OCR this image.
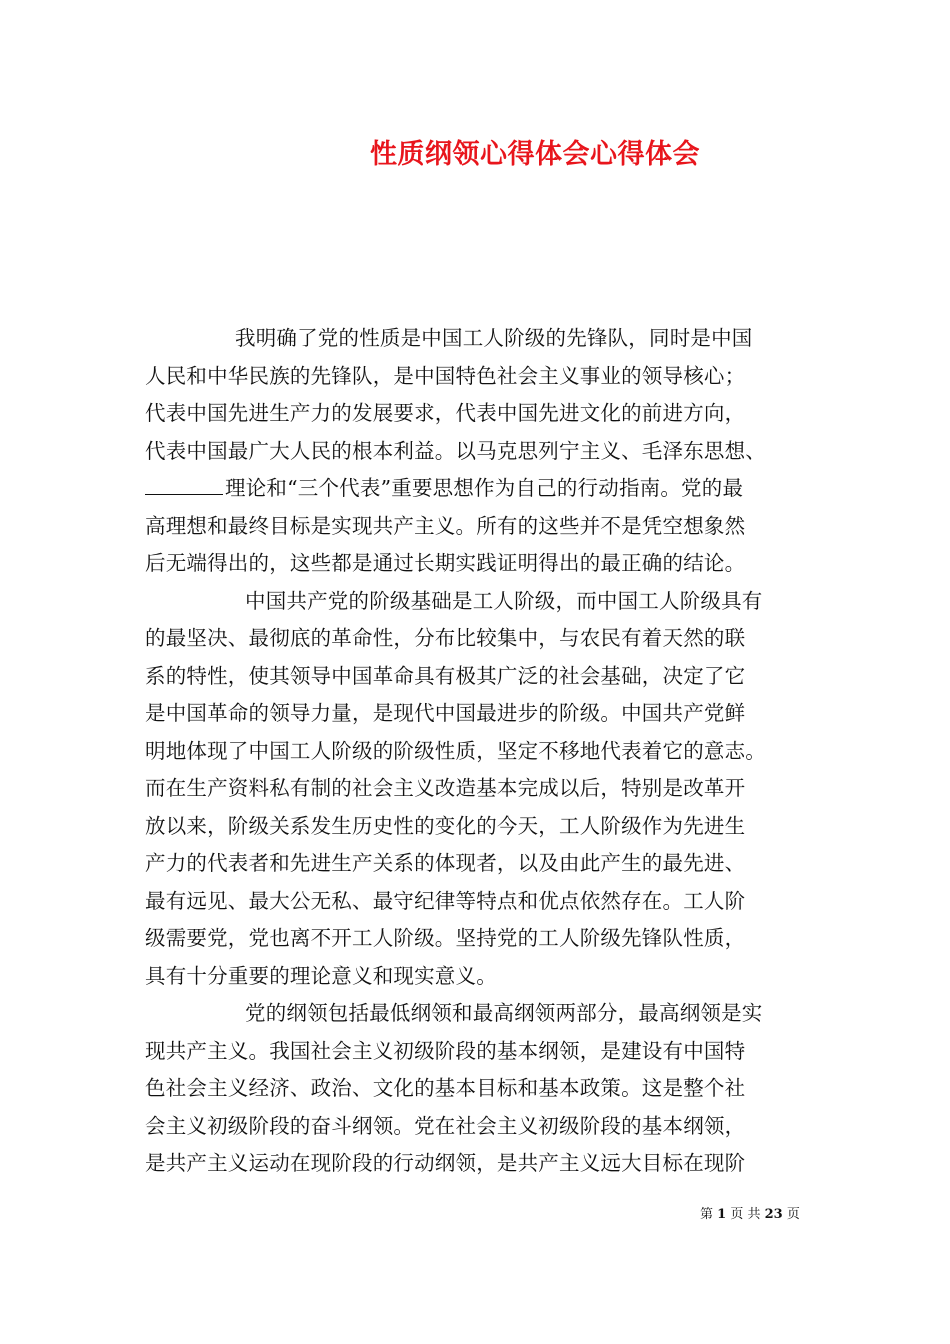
性质纲领心得体会心得体会
我明确了党的性质是中国工人阶级的先锋队，同时是中国
人民和中华民族的先锋队，是中国特色社会主义事业的领导核心；
代表中国先进生产力的发展要求，代表中国先进文化的前进方向，
代表中国最广大人民的根本利益。以马克思列宁主义、毛泽东思想、
理论和“三个代表”重要思想作为自己的行动指南。党的最
高理想和最终目标是实现共产主义。所有的这些并不是凭空想象然
后无端得出的，这些都是通过长期实践证明得出的最正确的结论。
中国共产党的阶级基础是工人阶级，而中国工人阶级具有
的最坚决、最彻底的革命性，分布比较集中，与农民有着天然的联
系的特性，使其领导中国革命具有极其广泛的社会基础，决定了它
是中国革命的领导力量，是现代中国最进步的阶级。中国共产党鲜
明地体现了中国工人阶级的阶级性质，坚定不移地代表着它的意志。
而在生产资料私有制的社会主义改造基本完成以后，特别是改革开
放以来，阶级关系发生历史性的变化的今天，工人阶级作为先进生
产力的代表者和先进生产关系的体现者，以及由此产生的最先进、
最有远见、最大公无私、最守纪律等特点和优点依然存在。工人阶
级需要党，党也离不开工人阶级。坚持党的工人阶级先锋队性质，
具有十分重要的理论意义和现实意义。
党的纲领包括最低纲领和最高纲领两部分，最高纲领是实
现共产主义。我国社会主义初级阶段的基本纲领，是建设有中国特
色社会主义经济、政治、文化的基本目标和基本政策。这是整个社
会主义初级阶段的奋斗纲领。党在社会主义初级阶段的基本纲领，
是共产主义运动在现阶段的行动纲领，是共产主义远大目标在现阶
第 1 页 共 23 页
